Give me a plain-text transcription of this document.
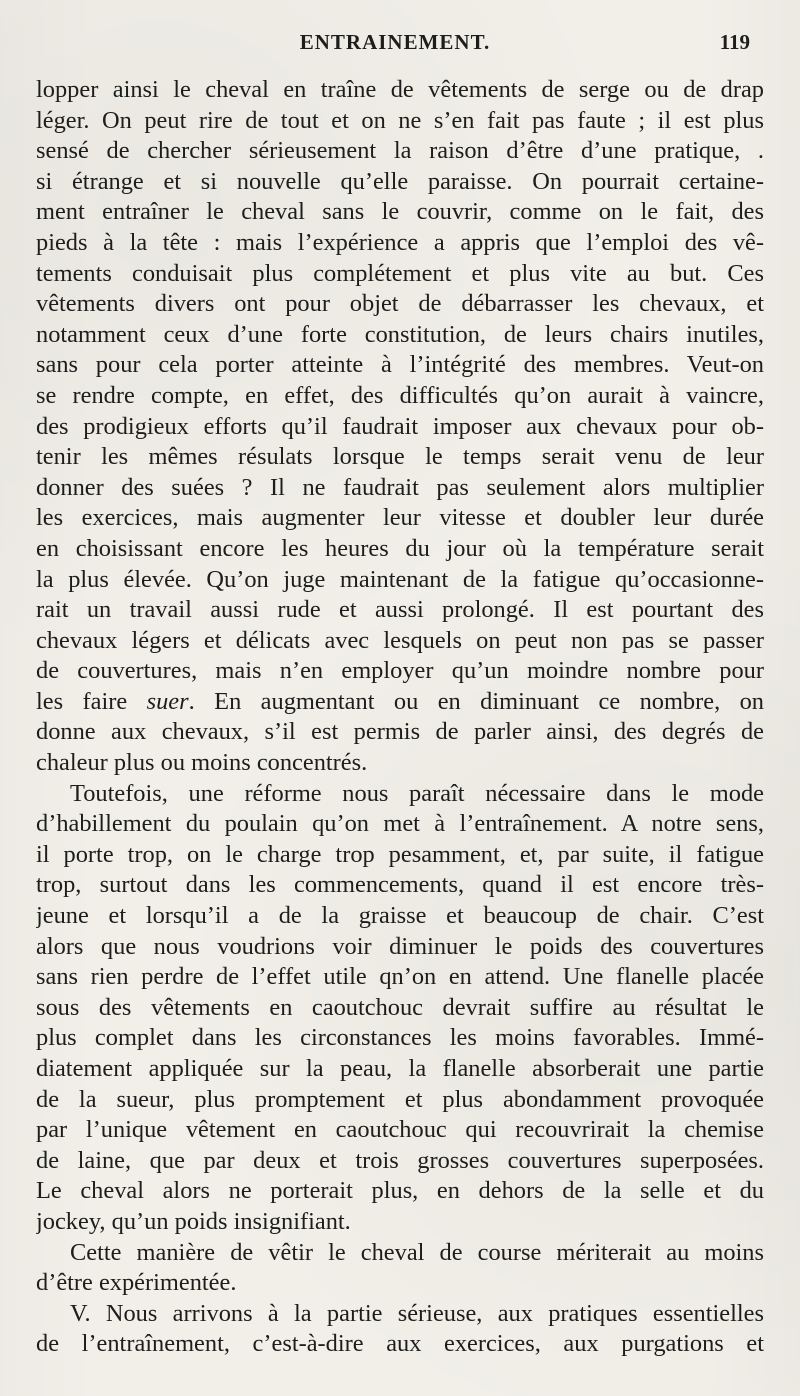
ENTRAINEMENT.	119
lopper ainsi le cheval en traîne de vêtements de serge ou de drap
léger. On peut rire de tout et on ne s’en fait pas faute ; il est plus
sensé de chercher sérieusement la raison d’être d’une pratique, .
si étrange et si nouvelle qu’elle paraisse. On pourrait certaine-
ment entraîner le cheval sans le couvrir, comme on le fait, des
pieds à la tête : mais l’expérience a appris que l’emploi des vê-
tements conduisait plus complétement et plus vite au but. Ces
vêtements divers ont pour objet de débarrasser les chevaux, et
notamment ceux d’une forte constitution, de leurs chairs inutiles,
sans pour cela porter atteinte à l’intégrité des membres. Veut-on
se rendre compte, en effet, des difficultés qu’on aurait à vaincre,
des prodigieux efforts qu’il faudrait imposer aux chevaux pour ob-
tenir les mêmes résulats lorsque le temps serait venu de leur
donner des suées ? Il ne faudrait pas seulement alors multiplier
les exercices, mais augmenter leur vitesse et doubler leur durée
en choisissant encore les heures du jour où la température serait
la plus élevée. Qu’on juge maintenant de la fatigue qu’occasionne-
rait un travail aussi rude et aussi prolongé. Il est pourtant des
chevaux légers et délicats avec lesquels on peut non pas se passer
de couvertures, mais n’en employer qu’un moindre nombre pour
les faire suer. En augmentant ou en diminuant ce nombre, on
donne aux chevaux, s’il est permis de parler ainsi, des degrés de
chaleur plus ou moins concentrés.
Toutefois, une réforme nous paraît nécessaire dans le mode
d’habillement du poulain qu’on met à l’entraînement. A notre sens,
il porte trop, on le charge trop pesamment, et, par suite, il fatigue
trop, surtout dans les commencements, quand il est encore très-
jeune et lorsqu’il a de la graisse et beaucoup de chair. C’est
alors que nous voudrions voir diminuer le poids des couvertures
sans rien perdre de l’effet utile qn’on en attend. Une flanelle placée
sous des vêtements en caoutchouc devrait suffire au résultat le
plus complet dans les circonstances les moins favorables. Immé-
diatement appliquée sur la peau, la flanelle absorberait une partie
de la sueur, plus promptement et plus abondamment provoquée
par l’unique vêtement en caoutchouc qui recouvrirait la chemise
de laine, que par deux et trois grosses couvertures superposées.
Le cheval alors ne porterait plus, en dehors de la selle et du
jockey, qu’un poids insignifiant.
Cette manière de vêtir le cheval de course mériterait au moins
d’être expérimentée.
V. Nous arrivons à la partie sérieuse, aux pratiques essentielles
de l’entraînement, c’est-à-dire aux exercices, aux purgations et
